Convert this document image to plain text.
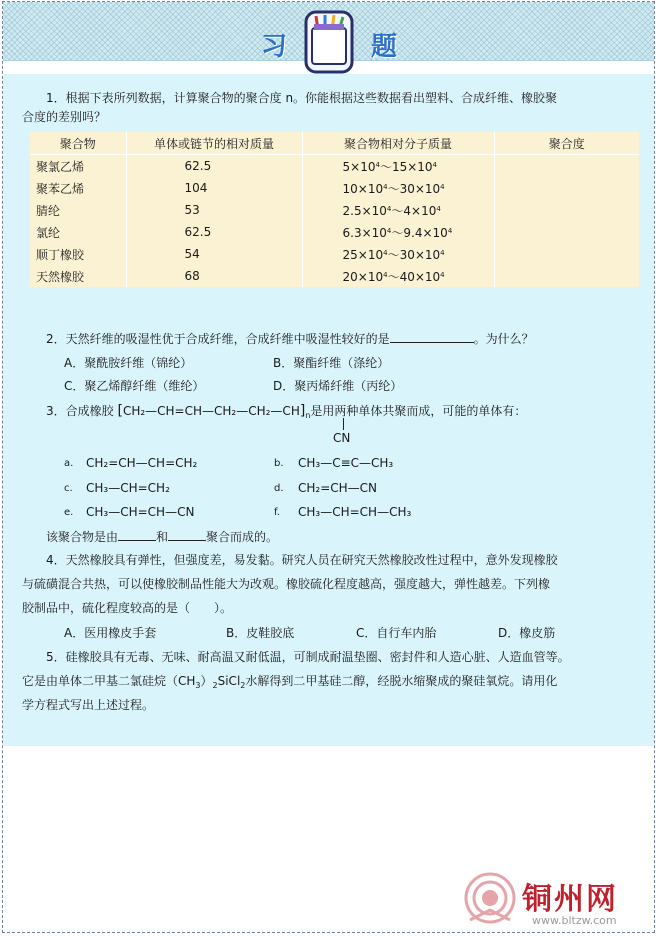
习	题
1．根据下表所列数据，计算聚合物的聚合度 n。你能根据这些数据看出塑料、合成纤维、橡胶聚
合度的差别吗？
聚合物	单体或链节的相对质量	聚合物相对分子质量	聚合度
聚氯乙烯	62.5	$5\times 10^4\sim 15\times 10^4$	
聚苯乙烯	104	$10\times 10^4\sim 30\times 10^4$	
腈纶	53	$2.5\times 10^4\sim 4\times 10^4$	
氯纶	62.5	$6.3\times 10^4\sim 9.4\times 10^4$	
顺丁橡胶	54	$25\times 10^4\sim 30\times 10^4$	
天然橡胶	68	$20\times 10^4\sim 40\times 10^4$	
2．天然纤维的吸湿性优于合成纤维，合成纤维中吸湿性较好的是	。为什么？
A．聚酰胺纤维（锦纶）	B．聚酯纤维（涤纶）
C．聚乙烯醇纤维（维纶）	D．聚丙烯纤维（丙纶）
3．合成橡胶 $[CH_2—CH=CH—CH_2—CH_2—CH]_n$是用两种单体共聚而成，可能的单体有：
CN
a. CH₂=CH—CH=CH₂	b. CH₃—C≡C—CH₃
c. CH₃—CH=CH₂	d. CH₂=CH—CN
e. CH₃—CH=CH—CN	f. CH₃—CH=CH—CH₃
该聚合物是由	和	聚合而成的。
4．天然橡胶具有弹性，但强度差，易发黏。研究人员在研究天然橡胶改性过程中，意外发现橡胶
与硫磺混合共热，可以使橡胶制品性能大为改观。橡胶硫化程度越高，强度越大，弹性越差。下列橡
胶制品中，硫化程度较高的是（　　）。
A．医用橡皮手套	B．皮鞋胶底	C．自行车内胎	D．橡皮筋
5．硅橡胶具有无毒、无味、耐高温又耐低温，可制成耐温垫圈、密封件和人造心脏、人造血管等。
它是由单体二甲基二氯硅烷$(CH_3)_2SiCl_2$水解得到二甲基硅二醇，经脱水缩聚成的聚硅氧烷。请用化
学方程式写出上述过程。
铜州网
www.bltzw.com
